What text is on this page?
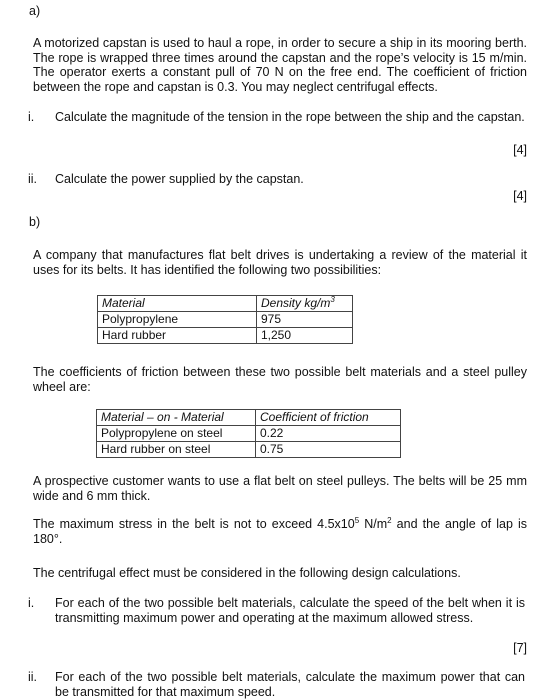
a)
A motorized capstan is used to haul a rope, in order to secure a ship in its mooring berth. The rope is wrapped three times around the capstan and the rope’s velocity is 15 m/min. The operator exerts a constant pull of 70 N on the free end. The coefficient of friction between the rope and capstan is 0.3. You may neglect centrifugal effects.
i. Calculate the magnitude of the tension in the rope between the ship and the capstan.
[4]
ii. Calculate the power supplied by the capstan.
[4]
b)
A company that manufactures flat belt drives is undertaking a review of the material it uses for its belts. It has identified the following two possibilities:
Material	Density $kg/m^3$
Polypropylene	975
Hard rubber	1,250
The coefficients of friction between these two possible belt materials and a steel pulley wheel are:
Material – on - Material	Coefficient of friction
Polypropylene on steel	0.22
Hard rubber on steel	0.75
A prospective customer wants to use a flat belt on steel pulleys. The belts will be 25 mm wide and 6 mm thick.
The maximum stress in the belt is not to exceed $4.5x10^5$ $N/m^2$ and the angle of lap is 180°.
The centrifugal effect must be considered in the following design calculations.
i. For each of the two possible belt materials, calculate the speed of the belt when it is transmitting maximum power and operating at the maximum allowed stress.
[7]
ii. For each of the two possible belt materials, calculate the maximum power that can be transmitted for that maximum speed.
